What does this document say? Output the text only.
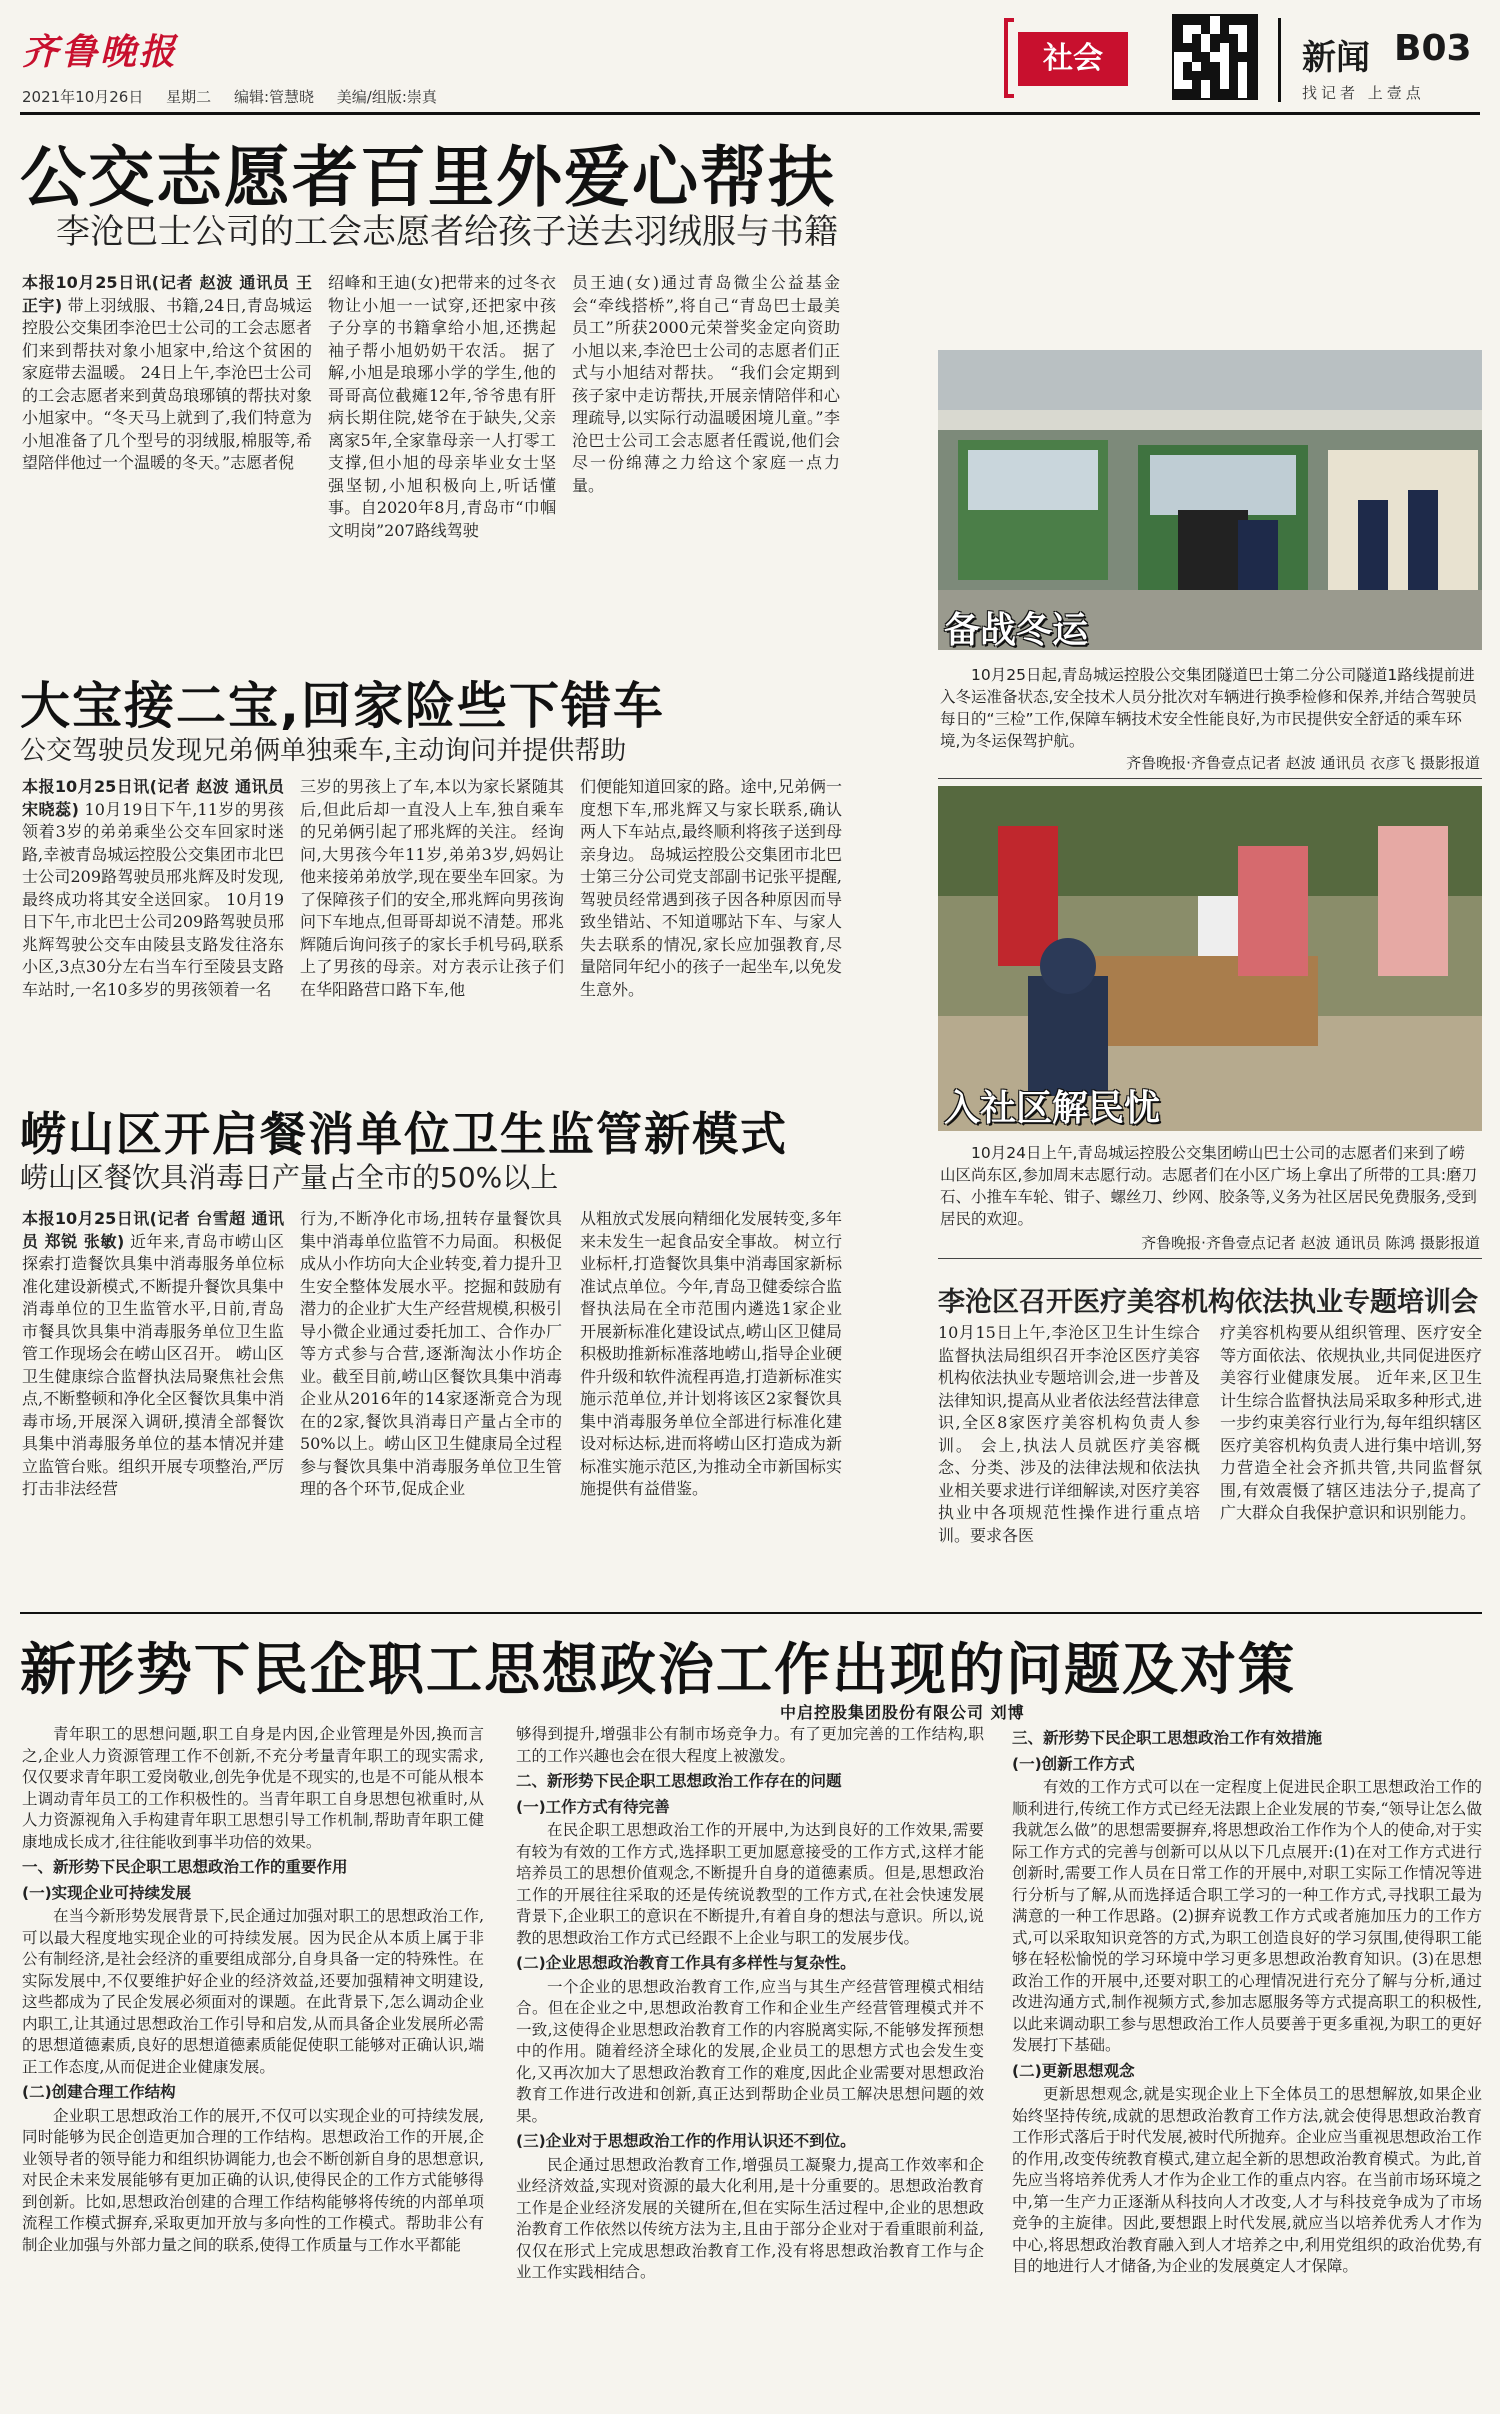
齐鲁晚报
2021年10月26日 星期二 编辑:管慧晓 美编/组版:崇真
社会	新闻 B03
找记者 上壹点
公交志愿者百里外爱心帮扶
李沧巴士公司的工会志愿者给孩子送去羽绒服与书籍
本报10月25日讯(记者 赵波 通讯员 王正宇) 带上羽绒服、书籍,24日,青岛城运控股公交集团李沧巴士公司的工会志愿者们来到帮扶对象小旭家中,给这个贫困的家庭带去温暖。 24日上午,李沧巴士公司的工会志愿者来到黄岛琅琊镇的帮扶对象小旭家中。“冬天马上就到了,我们特意为小旭准备了几个型号的羽绒服,棉服等,希望陪伴他过一个温暖的冬天。”志愿者倪
绍峰和王迪(女)把带来的过冬衣物让小旭一一试穿,还把家中孩子分享的书籍拿给小旭,还携起袖子帮小旭奶奶干农活。 据了解,小旭是琅琊小学的学生,他的哥哥高位截瘫12年,爷爷患有肝病长期住院,姥爷在于缺失,父亲离家5年,全家靠母亲一人打零工支撑,但小旭的母亲毕业女士坚强坚韧,小旭积极向上,听话懂事。自2020年8月,青岛市“巾帼文明岗”207路线驾驶
员王迪(女)通过青岛微尘公益基金会“牵线搭桥”,将自己“青岛巴士最美员工”所获2000元荣誉奖金定向资助小旭以来,李沧巴士公司的志愿者们正式与小旭结对帮扶。 “我们会定期到孩子家中走访帮扶,开展亲情陪伴和心理疏导,以实际行动温暖困境儿童。”李沧巴士公司工会志愿者任霞说,他们会尽一份绵薄之力给这个家庭一点力量。
备战冬运
10月25日起,青岛城运控股公交集团隧道巴士第二分公司隧道1路线提前进入冬运准备状态,安全技术人员分批次对车辆进行换季检修和保养,并结合驾驶员每日的“三检”工作,保障车辆技术安全性能良好,为市民提供安全舒适的乘车环境,为冬运保驾护航。
齐鲁晚报·齐鲁壹点记者 赵波 通讯员 衣彦飞 摄影报道
大宝接二宝,回家险些下错车
公交驾驶员发现兄弟俩单独乘车,主动询问并提供帮助
本报10月25日讯(记者 赵波 通讯员 宋晓蕊) 10月19日下午,11岁的男孩领着3岁的弟弟乘坐公交车回家时迷路,幸被青岛城运控股公交集团市北巴士公司209路驾驶员邢兆辉及时发现,最终成功将其安全送回家。 10月19日下午,市北巴士公司209路驾驶员邢兆辉驾驶公交车由陵县支路发往洛东小区,3点30分左右当车行至陵县支路车站时,一名10多岁的男孩领着一名
三岁的男孩上了车,本以为家长紧随其后,但此后却一直没人上车,独自乘车的兄弟俩引起了邢兆辉的关注。 经询问,大男孩今年11岁,弟弟3岁,妈妈让他来接弟弟放学,现在要坐车回家。为了保障孩子们的安全,邢兆辉向男孩询问下车地点,但哥哥却说不清楚。邢兆辉随后询问孩子的家长手机号码,联系上了男孩的母亲。对方表示让孩子们在华阳路营口路下车,他
们便能知道回家的路。途中,兄弟俩一度想下车,邢兆辉又与家长联系,确认两人下车站点,最终顺利将孩子送到母亲身边。 岛城运控股公交集团市北巴士第三分公司党支部副书记张平提醒,驾驶员经常遇到孩子因各种原因而导致坐错站、不知道哪站下车、与家人失去联系的情况,家长应加强教育,尽量陪同年纪小的孩子一起坐车,以免发生意外。
入社区解民忧
10月24日上午,青岛城运控股公交集团崂山巴士公司的志愿者们来到了崂山区尚东区,参加周末志愿行动。志愿者们在小区广场上拿出了所带的工具:磨刀石、小推车车轮、钳子、螺丝刀、纱网、胶条等,义务为社区居民免费服务,受到居民的欢迎。
齐鲁晚报·齐鲁壹点记者 赵波 通讯员 陈鸿 摄影报道
崂山区开启餐消单位卫生监管新模式
崂山区餐饮具消毒日产量占全市的50%以上
本报10月25日讯(记者 台雪超 通讯员 郑锐 张敏) 近年来,青岛市崂山区探索打造餐饮具集中消毒服务单位标准化建设新模式,不断提升餐饮具集中消毒单位的卫生监管水平,日前,青岛市餐具饮具集中消毒服务单位卫生监管工作现场会在崂山区召开。 崂山区卫生健康综合监督执法局聚焦社会焦点,不断整顿和净化全区餐饮具集中消毒市场,开展深入调研,摸清全部餐饮具集中消毒服务单位的基本情况并建立监管台账。组织开展专项整治,严厉打击非法经营
行为,不断净化市场,扭转存量餐饮具集中消毒单位监管不力局面。 积极促成从小作坊向大企业转变,着力提升卫生安全整体发展水平。挖掘和鼓励有潜力的企业扩大生产经营规模,积极引导小微企业通过委托加工、合作办厂等方式参与合营,逐渐淘汰小作坊企业。截至目前,崂山区餐饮具集中消毒企业从2016年的14家逐渐竞合为现在的2家,餐饮具消毒日产量占全市的50%以上。崂山区卫生健康局全过程参与餐饮具集中消毒服务单位卫生管理的各个环节,促成企业
从粗放式发展向精细化发展转变,多年来未发生一起食品安全事故。 树立行业标杆,打造餐饮具集中消毒国家新标准试点单位。今年,青岛卫健委综合监督执法局在全市范围内遴选1家企业开展新标准化建设试点,崂山区卫健局积极助推新标准落地崂山,指导企业硬件升级和软件流程再造,打造新标准实施示范单位,并计划将该区2家餐饮具集中消毒服务单位全部进行标准化建设对标达标,进而将崂山区打造成为新标准实施示范区,为推动全市新国标实施提供有益借鉴。
李沧区召开医疗美容机构依法执业专题培训会
10月15日上午,李沧区卫生计生综合监督执法局组织召开李沧区医疗美容机构依法执业专题培训会,进一步普及法律知识,提高从业者依法经营法律意识,全区8家医疗美容机构负责人参训。 会上,执法人员就医疗美容概念、分类、涉及的法律法规和依法执业相关要求进行详细解读,对医疗美容执业中各项规范性操作进行重点培训。要求各医
疗美容机构要从组织管理、医疗安全等方面依法、依规执业,共同促进医疗美容行业健康发展。 近年来,区卫生计生综合监督执法局采取多种形式,进一步约束美容行业行为,每年组织辖区医疗美容机构负责人进行集中培训,努力营造全社会齐抓共管,共同监督氛围,有效震慑了辖区违法分子,提高了广大群众自我保护意识和识别能力。
新形势下民企职工思想政治工作出现的问题及对策
中启控股集团股份有限公司 刘博

青年职工的思想问题,职工自身是内因,企业管理是外因,换而言之,企业人力资源管理工作不创新,不充分考量青年职工的现实需求,仅仅要求青年职工爱岗敬业,创先争优是不现实的,也是不可能从根本上调动青年员工的工作积极性的。当青年职工自身思想包袱重时,从人力资源视角入手构建青年职工思想引导工作机制,帮助青年职工健康地成长成才,往往能收到事半功倍的效果。

一、新形势下民企职工思想政治工作的重要作用
(一)实现企业可持续发展

在当今新形势发展背景下,民企通过加强对职工的思想政治工作,可以最大程度地实现企业的可持续发展。因为民企从本质上属于非公有制经济,是社会经济的重要组成部分,自身具备一定的特殊性。在实际发展中,不仅要维护好企业的经济效益,还要加强精神文明建设,这些都成为了民企发展必须面对的课题。在此背景下,怎么调动企业内职工,让其通过思想政治工作引导和启发,从而具备企业发展所必需的思想道德素质,良好的思想道德素质能促使职工能够对正确认识,端正工作态度,从而促进企业健康发展。

(二)创建合理工作结构

企业职工思想政治工作的展开,不仅可以实现企业的可持续发展,同时能够为民企创造更加合理的工作结构。思想政治工作的开展,企业领导者的领导能力和组织协调能力,也会不断创新自身的思想意识,对民企未来发展能够有更加正确的认识,使得民企的工作方式能够得到创新。比如,思想政治创建的合理工作结构能够将传统的内部单项流程工作模式摒弃,采取更加开放与多向性的工作模式。帮助非公有制企业加强与外部力量之间的联系,使得工作质量与工作水平都能

够得到提升,增强非公有制市场竞争力。有了更加完善的工作结构,职工的工作兴趣也会在很大程度上被激发。
二、新形势下民企职工思想政治工作存在的问题
(一)工作方式有待完善

在民企职工思想政治工作的开展中,为达到良好的工作效果,需要有较为有效的工作方式,选择职工更加愿意接受的工作方式,这样才能培养员工的思想价值观念,不断提升自身的道德素质。但是,思想政治工作的开展往往采取的还是传统说教型的工作方式,在社会快速发展背景下,企业职工的意识在不断提升,有着自身的想法与意识。所以,说教的思想政治工作方式已经跟不上企业与职工的发展步伐。

(二)企业思想政治教育工作具有多样性与复杂性。

一个企业的思想政治教育工作,应当与其生产经营管理模式相结合。但在企业之中,思想政治教育工作和企业生产经营管理模式并不一致,这使得企业思想政治教育工作的内容脱离实际,不能够发挥预想中的作用。随着经济全球化的发展,企业员工的思想方式也会发生变化,又再次加大了思想政治教育工作的难度,因此企业需要对思想政治教育工作进行改进和创新,真正达到帮助企业员工解决思想问题的效果。

(三)企业对于思想政治工作的作用认识还不到位。

民企通过思想政治教育工作,增强员工凝聚力,提高工作效率和企业经济效益,实现对资源的最大化利用,是十分重要的。思想政治教育工作是企业经济发展的关键所在,但在实际生活过程中,企业的思想政治教育工作依然以传统方法为主,且由于部分企业对于看重眼前利益,仅仅在形式上完成思想政治教育工作,没有将思想政治教育工作与企业工作实践相结合。

三、新形势下民企职工思想政治工作有效措施
(一)创新工作方式

有效的工作方式可以在一定程度上促进民企职工思想政治工作的顺利进行,传统工作方式已经无法跟上企业发展的节奏,“领导让怎么做我就怎么做”的思想需要摒弃,将思想政治工作作为个人的使命,对于实际工作方式的完善与创新可以从以下几点展开:(1)在对工作方式进行创新时,需要工作人员在日常工作的开展中,对职工实际工作情况等进行分析与了解,从而选择适合职工学习的一种工作方式,寻找职工最为满意的一种工作思路。(2)摒弃说教工作方式或者施加压力的工作方式,可以采取知识竞答的方式,为职工创造良好的学习氛围,使得职工能够在轻松愉悦的学习环境中学习更多思想政治教育知识。(3)在思想政治工作的开展中,还要对职工的心理情况进行充分了解与分析,通过改进沟通方式,制作视频方式,参加志愿服务等方式提高职工的积极性,以此来调动职工参与思想政治工作人员要善于更多重视,为职工的更好发展打下基础。

(二)更新思想观念

更新思想观念,就是实现企业上下全体员工的思想解放,如果企业始终坚持传统,成就的思想政治教育工作方法,就会使得思想政治教育工作形式落后于时代发展,被时代所抛弃。企业应当重视思想政治工作的作用,改变传统教育模式,建立起全新的思想政治教育模式。为此,首先应当将培养优秀人才作为企业工作的重点内容。在当前市场环境之中,第一生产力正逐渐从科技向人才改变,人才与科技竞争成为了市场竞争的主旋律。因此,要想跟上时代发展,就应当以培养优秀人才作为中心,将思想政治教育融入到人才培养之中,利用党组织的政治优势,有目的地进行人才储备,为企业的发展奠定人才保障。
